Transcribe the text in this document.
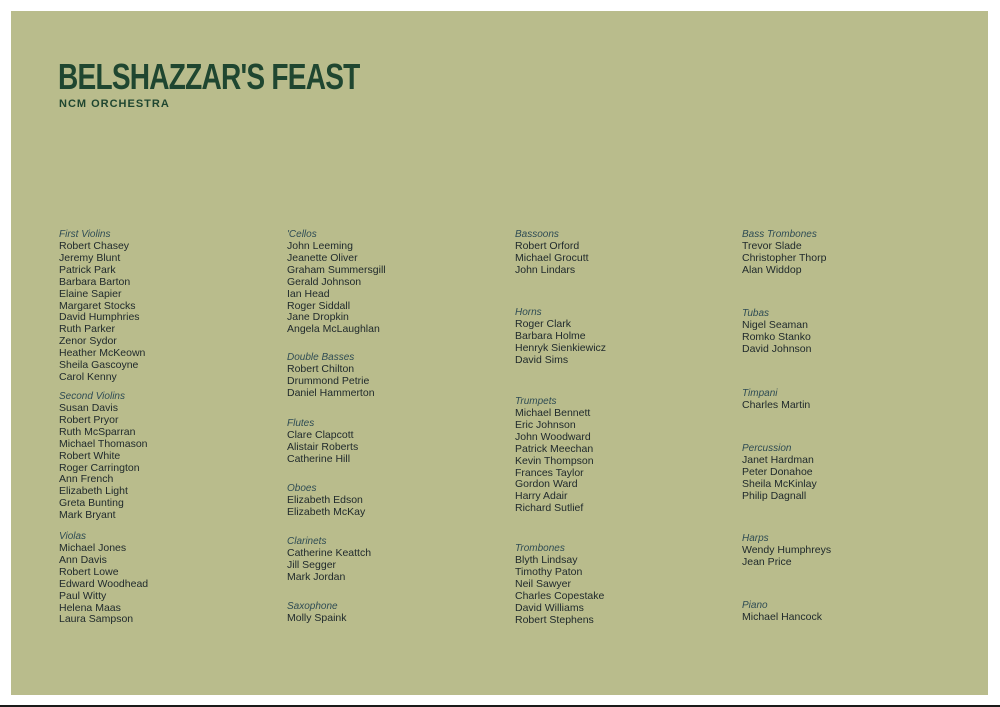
BELSHAZZAR'S FEAST

NCM ORCHESTRA

First Violins
Robert Chasey
Jeremy Blunt
Patrick Park
Barbara Barton
Elaine Sapier
Margaret Stocks
David Humphries
Ruth Parker
Zenor Sydor
Heather McKeown
Sheila Gascoyne
Carol Kenny
Second Violins
Susan Davis
Robert Pryor
Ruth McSparran
Michael Thomason
Robert White
Roger Carrington
Ann French
Elizabeth Light
Greta Bunting
Mark Bryant
Violas
Michael Jones
Ann Davis
Robert Lowe
Edward Woodhead
Paul Witty
Helena Maas
Laura Sampson
'Cellos
John Leeming
Jeanette Oliver
Graham Summersgill
Gerald Johnson
Ian Head
Roger Siddall
Jane Dropkin
Angela McLaughlan
Double Basses
Robert Chilton
Drummond Petrie
Daniel Hammerton
Flutes
Clare Clapcott
Alistair Roberts
Catherine Hill
Oboes
Elizabeth Edson
Elizabeth McKay
Clarinets
Catherine Keattch
Jill Segger
Mark Jordan
Saxophone
Molly Spaink
Bassoons
Robert Orford
Michael Grocutt
John Lindars
Horns
Roger Clark
Barbara Holme
Henryk Sienkiewicz
David Sims
Trumpets
Michael Bennett
Eric Johnson
John Woodward
Patrick Meechan
Kevin Thompson
Frances Taylor
Gordon Ward
Harry Adair
Richard Sutlief
Trombones
Blyth Lindsay
Timothy Paton
Neil Sawyer
Charles Copestake
David Williams
Robert Stephens
Bass Trombones
Trevor Slade
Christopher Thorp
Alan Widdop
Tubas
Nigel Seaman
Romko Stanko
David Johnson
Timpani
Charles Martin
Percussion
Janet Hardman
Peter Donahoe
Sheila McKinlay
Philip Dagnall
Harps
Wendy Humphreys
Jean Price
Piano
Michael Hancock
